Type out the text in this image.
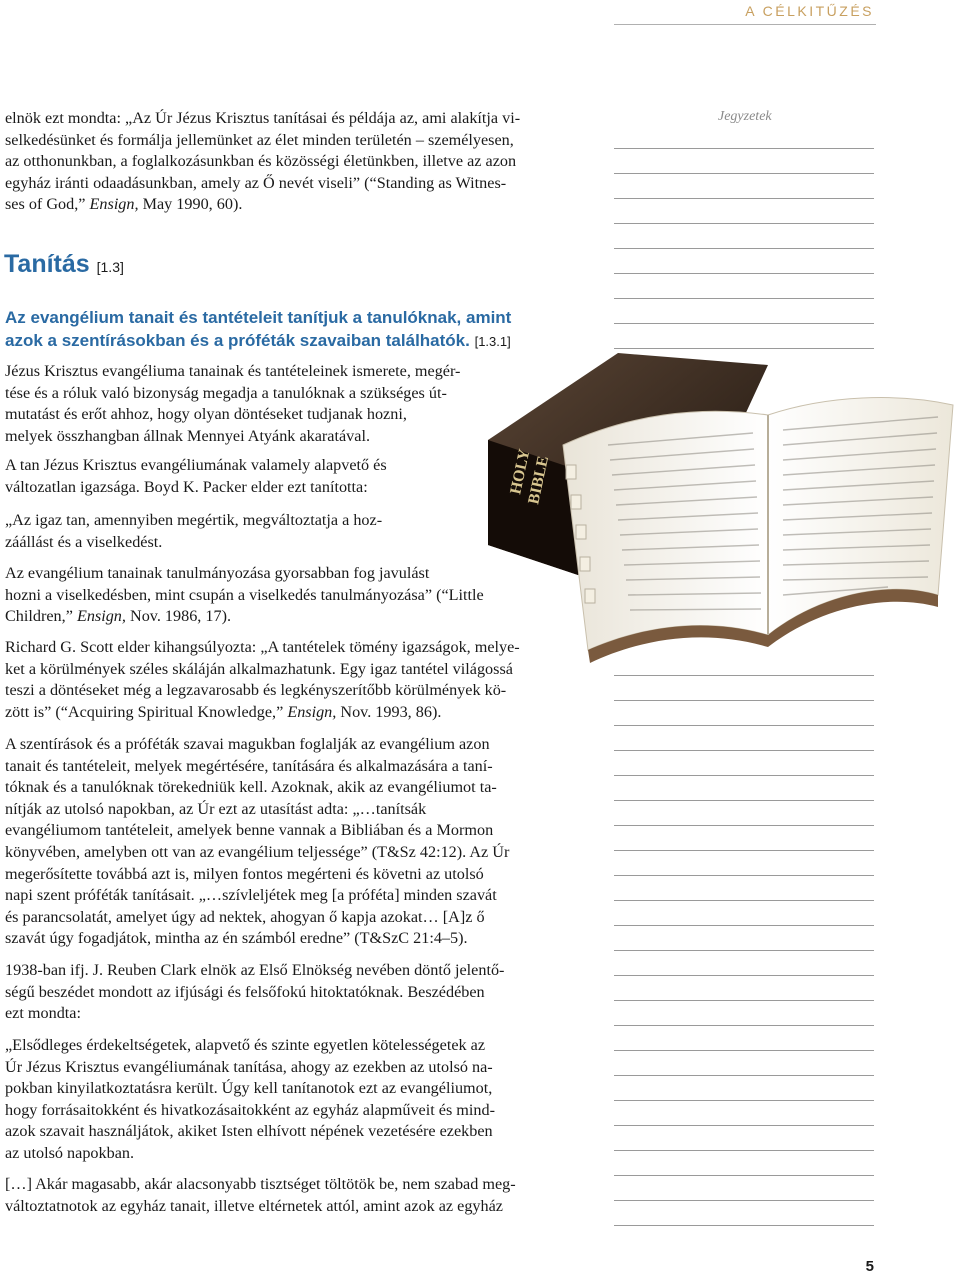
A CÉLKITŰZÉS
Jegyzetek
elnök ezt mondta: „Az Úr Jézus Krisztus tanításai és példája az, ami alakítja vi-
selkedésünket és formálja jellemünket az élet minden területén – személyesen,
az otthonunkban, a foglalkozásunkban és közösségi életünkben, illetve az azon
egyház iránti odaadásunkban, amely az Ő nevét viseli” (“Standing as Witnes-
ses of God,” Ensign, May 1990, 60).
Tanítás [1.3]
Az evangélium tanait és tantételeit tanítjuk a tanulóknak, amint
azok a szentírásokban és a próféták szavaiban találhatók. [1.3.1]
HOLY
BIBLE
Jézus Krisztus evangéliuma tanainak és tantételeinek ismerete, megér-
tése és a róluk való bizonyság megadja a tanulóknak a szükséges út-
mutatást és erőt ahhoz, hogy olyan döntéseket tudjanak hozni,
melyek összhangban állnak Mennyei Atyánk akaratával.
A tan Jézus Krisztus evangéliumának valamely alapvető és
változatlan igazsága. Boyd K. Packer elder ezt tanította:
„Az igaz tan, amennyiben megértik, megváltoztatja a hoz-
záállást és a viselkedést.
Az evangélium tanainak tanulmányozása gyorsabban fog javulást
hozni a viselkedésben, mint csupán a viselkedés tanulmányozása” (“Little
Children,” Ensign, Nov. 1986, 17).
Richard G. Scott elder kihangsúlyozta: „A tantételek tömény igazságok, melye-
ket a körülmények széles skáláján alkalmazhatunk. Egy igaz tantétel világossá
teszi a döntéseket még a legzavarosabb és legkényszerítőbb körülmények kö-
zött is” (“Acquiring Spiritual Knowledge,” Ensign, Nov. 1993, 86).
A szentírások és a próféták szavai magukban foglalják az evangélium azon
tanait és tantételeit, melyek megértésére, tanítására és alkalmazására a taní-
tóknak és a tanulóknak törekedniük kell. Azoknak, akik az evangéliumot ta-
nítják az utolsó napokban, az Úr ezt az utasítást adta: „…tanítsák
evangéliumom tantételeit, amelyek benne vannak a Bibliában és a Mormon
könyvében, amelyben ott van az evangélium teljessége” (T&Sz 42:12). Az Úr
megerősítette továbbá azt is, milyen fontos megérteni és követni az utolsó
napi szent próféták tanításait. „…szívleljétek meg [a próféta] minden szavát
és parancsolatát, amelyet úgy ad nektek, ahogyan ő kapja azokat… [A]z ő
szavát úgy fogadjátok, mintha az én számból eredne” (T&SzC 21:4–5).
1938-ban ifj. J. Reuben Clark elnök az Első Elnökség nevében döntő jelentő-
ségű beszédet mondott az ifjúsági és felsőfokú hitoktatóknak. Beszédében
ezt mondta:
„Elsődleges érdekeltségetek, alapvető és szinte egyetlen kötelességetek az
Úr Jézus Krisztus evangéliumának tanítása, ahogy az ezekben az utolsó na-
pokban kinyilatkoztatásra került. Úgy kell tanítanotok ezt az evangéliumot,
hogy forrásaitokként és hivatkozásaitokként az egyház alapműveit és mind-
azok szavait használjátok, akiket Isten elhívott népének vezetésére ezekben
az utolsó napokban.
[…] Akár magasabb, akár alacsonyabb tisztséget töltötök be, nem szabad meg-
változtatnotok az egyház tanait, illetve eltérnetek attól, amint azok az egyház
5
